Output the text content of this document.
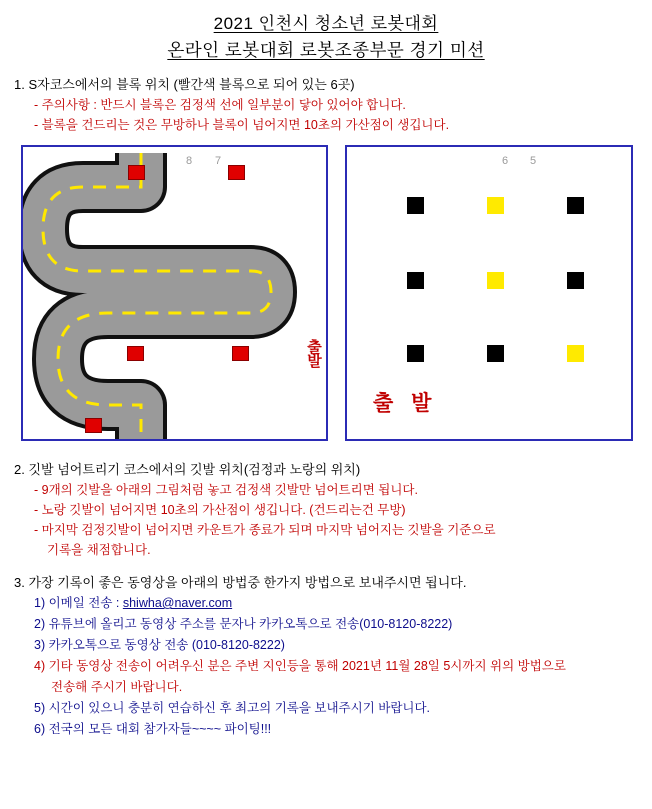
2021 인천시 청소년 로봇대회
온라인 로봇대회 로봇조종부문 경기 미션
1. S자코스에서의 블록 위치 (빨간색 블록으로 되어 있는 6곳)
- 주의사항 : 반드시 블록은 검정색 선에 일부분이 닿아 있어야 합니다.
- 블록을 건드리는 것은 무방하나 블록이 넘어지면 10초의 가산점이 생깁니다.
8 7
출발
6 5
출 발
2. 깃발 넘어트리기 코스에서의 깃발 위치(검정과 노랑의 위치)
- 9개의 깃발을 아래의 그림처럼 놓고 검정색 깃발만 넘어트리면 됩니다.
- 노랑 깃발이 넘어지면 10초의 가산점이 생깁니다. (건드리는건 무방)
- 마지막 검정깃발이 넘어지면 카운트가 종료가 되며 마지막 넘어지는 깃발을 기준으로
기록을 채점합니다.
3. 가장 기록이 좋은 동영상을 아래의 방법중 한가지 방법으로 보내주시면 됩니다.
1) 이메일 전송 : shiwha@naver.com
2) 유튜브에 올리고 동영상 주소를 문자나 카카오톡으로 전송(010-8120-8222)
3) 카카오톡으로 동영상 전송 (010-8120-8222)
4) 기타 동영상 전송이 어려우신 분은 주변 지인등을 통해 2021년 11월 28일 5시까지 위의 방법으로
전송해 주시기 바랍니다.
5) 시간이 있으니 충분히 연습하신 후 최고의 기록을 보내주시기 바랍니다.
6) 전국의 모든 대회 참가자들~~~~ 파이팅!!!
